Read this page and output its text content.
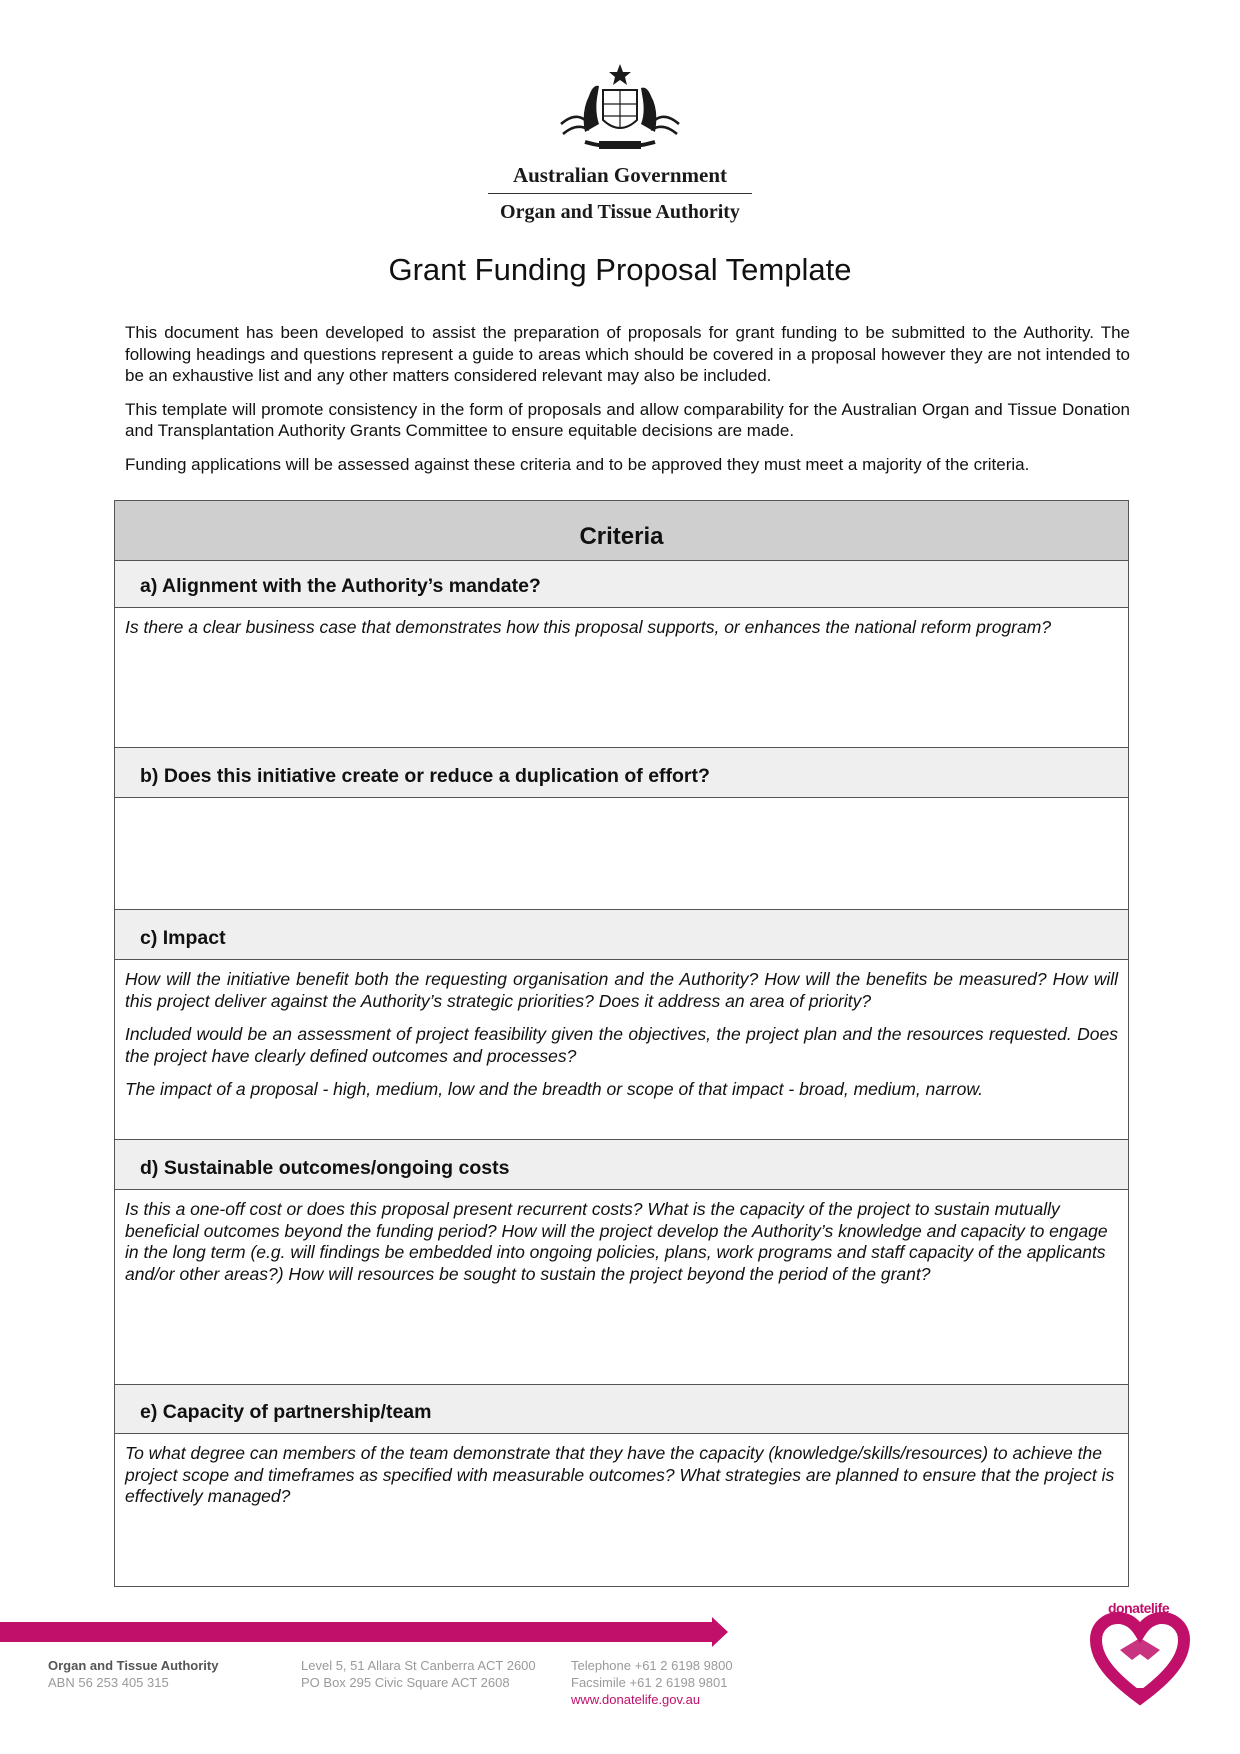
Australian Government
Organ and Tissue Authority
Grant Funding Proposal Template

This document has been developed to assist the preparation of proposals for grant funding to be submitted to the Authority. The following headings and questions represent a guide to areas which should be covered in a proposal however they are not intended to be an exhaustive list and any other matters considered relevant may also be included.

This template will promote consistency in the form of proposals and allow comparability for the Australian Organ and Tissue Donation and Transplantation Authority Grants Committee to ensure equitable decisions are made.

Funding applications will be assessed against these criteria and to be approved they must meet a majority of the criteria.

Criteria
a) Alignment with the Authority’s mandate?

Is there a clear business case that demonstrates how this proposal supports, or enhances the national reform program?

b) Does this initiative create or reduce a duplication of effort?
c) Impact

How will the initiative benefit both the requesting organisation and the Authority? How will the benefits be measured? How will this project deliver against the Authority’s strategic priorities? Does it address an area of priority?

Included would be an assessment of project feasibility given the objectives, the project plan and the resources requested. Does the project have clearly defined outcomes and processes?

The impact of a proposal - high, medium, low and the breadth or scope of that impact - broad, medium, narrow.

d) Sustainable outcomes/ongoing costs

Is this a one-off cost or does this proposal present recurrent costs? What is the capacity of the project to sustain mutually beneficial outcomes beyond the funding period? How will the project develop the Authority’s knowledge and capacity to engage in the long term (e.g. will findings be embedded into ongoing policies, plans, work programs and staff capacity of the applicants and/or other areas?) How will resources be sought to sustain the project beyond the period of the grant?

e) Capacity of partnership/team

To what degree can members of the team demonstrate that they have the capacity (knowledge/skills/resources) to achieve the project scope and timeframes as specified with measurable outcomes? What strategies are planned to ensure that the project is effectively managed?

Organ and Tissue Authority
ABN 56 253 405 315
Level 5, 51 Allara St Canberra ACT 2600
PO Box 295 Civic Square ACT 2608
Telephone +61 2 6198 9800
Facsimile +61 2 6198 9801
www.donatelife.gov.au
donatelife
